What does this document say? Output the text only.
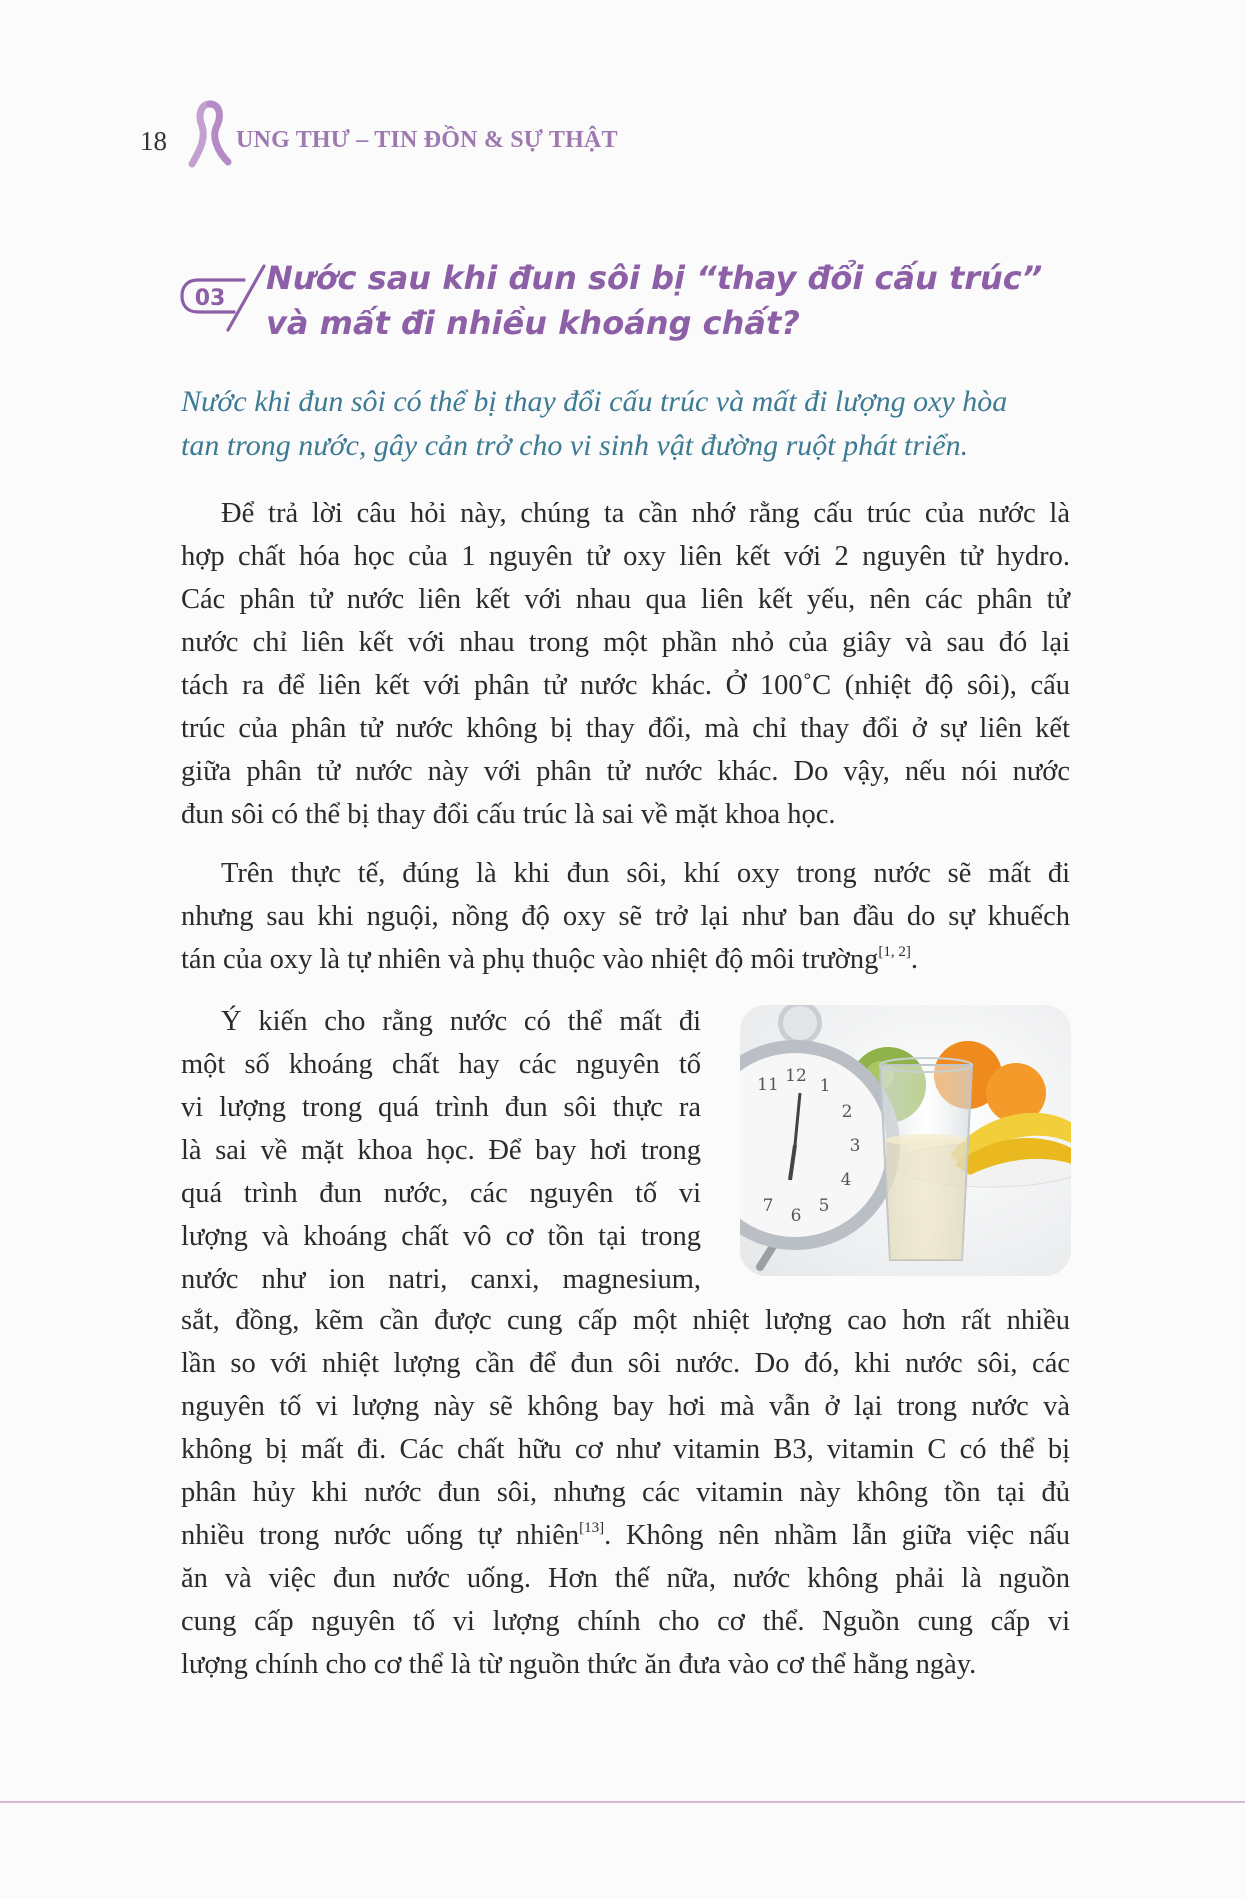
18	UNG THƯ – TIN ĐỒN & SỰ THẬT
03
Nước sau khi đun sôi bị “thay đổi cấu trúc”
và mất đi nhiều khoáng chất?
Nước khi đun sôi có thể bị thay đổi cấu trúc và mất đi lượng oxy hòa
tan trong nước, gây cản trở cho vi sinh vật đường ruột phát triển.
Để trả lời câu hỏi này, chúng ta cần nhớ rằng cấu trúc của nước là
hợp chất hóa học của 1 nguyên tử oxy liên kết với 2 nguyên tử hydro.
Các phân tử nước liên kết với nhau qua liên kết yếu, nên các phân tử
nước chỉ liên kết với nhau trong một phần nhỏ của giây và sau đó lại
tách ra để liên kết với phân tử nước khác. Ở 100˚C (nhiệt độ sôi), cấu
trúc của phân tử nước không bị thay đổi, mà chỉ thay đổi ở sự liên kết
giữa phân tử nước này với phân tử nước khác. Do vậy, nếu nói nước
đun sôi có thể bị thay đổi cấu trúc là sai về mặt khoa học.
Trên thực tế, đúng là khi đun sôi, khí oxy trong nước sẽ mất đi
nhưng sau khi nguội, nồng độ oxy sẽ trở lại như ban đầu do sự khuếch
tán của oxy là tự nhiên và phụ thuộc vào nhiệt độ môi trường[1, 2].
Ý kiến cho rằng nước có thể mất đi
một số khoáng chất hay các nguyên tố
vi lượng trong quá trình đun sôi thực ra
là sai về mặt khoa học. Để bay hơi trong
quá trình đun nước, các nguyên tố vi
lượng và khoáng chất vô cơ tồn tại trong
nước như ion natri, canxi, magnesium,
11 12 1
2
3
4
5
6
7
sắt, đồng, kẽm cần được cung cấp một nhiệt lượng cao hơn rất nhiều
lần so với nhiệt lượng cần để đun sôi nước. Do đó, khi nước sôi, các
nguyên tố vi lượng này sẽ không bay hơi mà vẫn ở lại trong nước và
không bị mất đi. Các chất hữu cơ như vitamin B3, vitamin C có thể bị
phân hủy khi nước đun sôi, nhưng các vitamin này không tồn tại đủ
nhiều trong nước uống tự nhiên[13]. Không nên nhầm lẫn giữa việc nấu
ăn và việc đun nước uống. Hơn thế nữa, nước không phải là nguồn
cung cấp nguyên tố vi lượng chính cho cơ thể. Nguồn cung cấp vi
lượng chính cho cơ thể là từ nguồn thức ăn đưa vào cơ thể hằng ngày.
